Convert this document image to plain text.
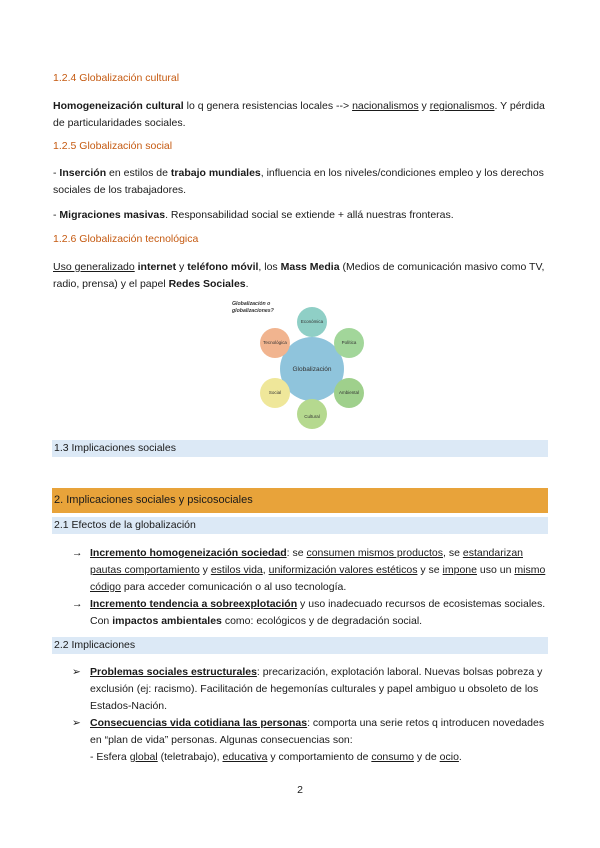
1.2.4 Globalización cultural
Homogeneización cultural lo q genera resistencias locales --> nacionalismos y regionalismos. Y pérdida de particularidades sociales.
1.2.5 Globalización social
- Inserción en estilos de trabajo mundiales, influencia en los niveles/condiciones empleo y los derechos sociales de los trabajadores.
- Migraciones masivas. Responsabilidad social se extiende + allá nuestras fronteras.
1.2.6 Globalización tecnológica
Uso generalizado internet y teléfono móvil, los Mass Media (Medios de comunicación masivo como TV, radio, prensa) y el papel Redes Sociales.
Globalización o
globalizaciones?
Globalización
Económica
Política
Ambiental
Cultural
Social
Tecnológica
1.3 Implicaciones sociales
2. Implicaciones sociales y psicosociales
2.1 Efectos de la globalización
→ Incremento homogeneización sociedad: se consumen mismos productos, se estandarizan pautas comportamiento y estilos vida, uniformización valores estéticos y se impone uso un mismo código para acceder comunicación o al uso tecnología.
→ Incremento tendencia a sobreexplotación y uso inadecuado recursos de ecosistemas sociales. Con impactos ambientales como: ecológicos y de degradación social.
2.2 Implicaciones
➢ Problemas sociales estructurales: precarización, explotación laboral. Nuevas bolsas pobreza y exclusión (ej: racismo). Facilitación de hegemonías culturales y papel ambiguo u obsoleto de los Estados-Nación.
➢ Consecuencias vida cotidiana las personas: comporta una serie retos q introducen novedades en “plan de vida” personas. Algunas consecuencias son:
- Esfera global (teletrabajo), educativa y comportamiento de consumo y de ocio.
2
